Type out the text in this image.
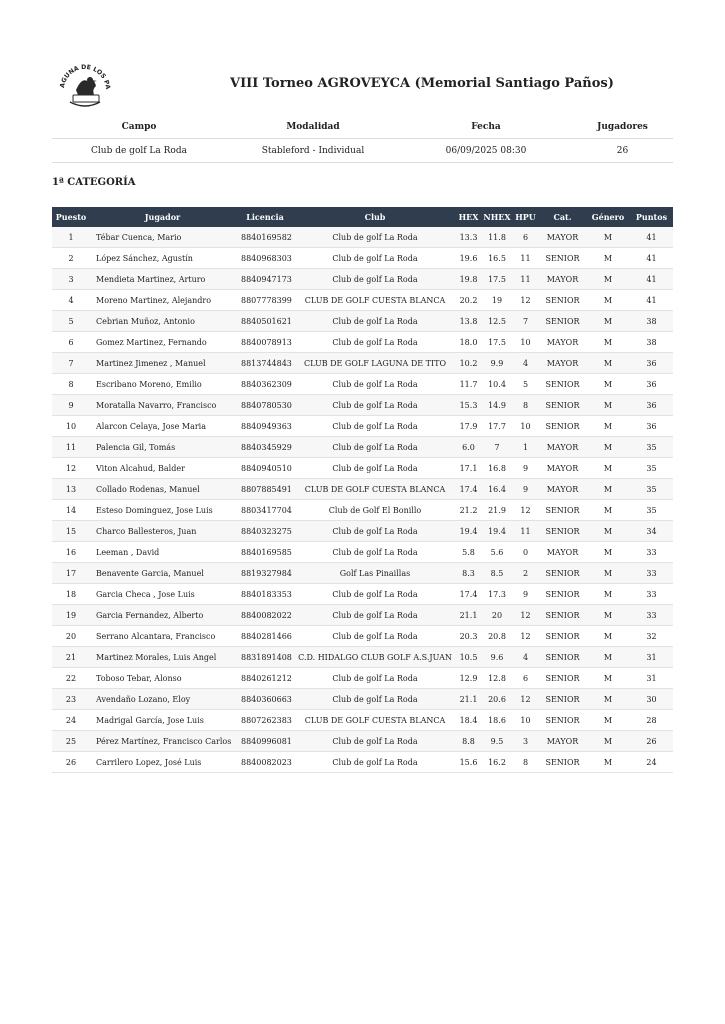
AGUNA DE LOS PA	VIII Torneo AGROVEYCA (Memorial Santiago Paños)
Campo	Modalidad	Fecha	Jugadores
Club de golf La Roda	Stableford - Individual	06/09/2025 08:30	26
1ª CATEGORÍA
Puesto	Jugador	Licencia	Club	HEX	NHEX	HPU	Cat.	Género	Puntos
1	Tébar Cuenca, Mario	8840169582	Club de golf La Roda	13.3	11.8	6	MAYOR	M	41
2	López Sánchez, Agustín	8840968303	Club de golf La Roda	19.6	16.5	11	SENIOR	M	41
3	Mendieta Martinez, Arturo	8840947173	Club de golf La Roda	19.8	17.5	11	MAYOR	M	41
4	Moreno Martinez, Alejandro	8807778399	CLUB DE GOLF CUESTA BLANCA	20.2	19	12	SENIOR	M	41
5	Cebrian Muñoz, Antonio	8840501621	Club de golf La Roda	13.8	12.5	7	SENIOR	M	38
6	Gomez Martinez, Fernando	8840078913	Club de golf La Roda	18.0	17.5	10	MAYOR	M	38
7	Martinez Jimenez , Manuel	8813744843	CLUB DE GOLF LAGUNA DE TITO	10.2	9.9	4	MAYOR	M	36
8	Escribano Moreno, Emilio	8840362309	Club de golf La Roda	11.7	10.4	5	SENIOR	M	36
9	Moratalla Navarro, Francisco	8840780530	Club de golf La Roda	15.3	14.9	8	SENIOR	M	36
10	Alarcon Celaya, Jose Maria	8840949363	Club de golf La Roda	17.9	17.7	10	SENIOR	M	36
11	Palencia Gil, Tomás	8840345929	Club de golf La Roda	6.0	7	1	MAYOR	M	35
12	Viton Alcahud, Balder	8840940510	Club de golf La Roda	17.1	16.8	9	MAYOR	M	35
13	Collado Rodenas, Manuel	8807885491	CLUB DE GOLF CUESTA BLANCA	17.4	16.4	9	MAYOR	M	35
14	Esteso Dominguez, Jose Luis	8803417704	Club de Golf El Bonillo	21.2	21.9	12	SENIOR	M	35
15	Charco Ballesteros, Juan	8840323275	Club de golf La Roda	19.4	19.4	11	SENIOR	M	34
16	Leeman , David	8840169585	Club de golf La Roda	5.8	5.6	0	MAYOR	M	33
17	Benavente Garcia, Manuel	8819327984	Golf Las Pinaillas	8.3	8.5	2	SENIOR	M	33
18	Garcia Checa , Jose Luis	8840183353	Club de golf La Roda	17.4	17.3	9	SENIOR	M	33
19	Garcia Fernandez, Alberto	8840082022	Club de golf La Roda	21.1	20	12	SENIOR	M	33
20	Serrano Alcantara, Francisco	8840281466	Club de golf La Roda	20.3	20.8	12	SENIOR	M	32
21	Martinez Morales, Luis Angel	8831891408	C.D. HIDALGO CLUB GOLF A.S.JUAN	10.5	9.6	4	SENIOR	M	31
22	Toboso Tebar, Alonso	8840261212	Club de golf La Roda	12.9	12.8	6	SENIOR	M	31
23	Avendaño Lozano, Eloy	8840360663	Club de golf La Roda	21.1	20.6	12	SENIOR	M	30
24	Madrigal García, Jose Luis	8807262383	CLUB DE GOLF CUESTA BLANCA	18.4	18.6	10	SENIOR	M	28
25	Pérez Martínez, Francisco Carlos	8840996081	Club de golf La Roda	8.8	9.5	3	MAYOR	M	26
26	Carrilero Lopez, José Luis	8840082023	Club de golf La Roda	15.6	16.2	8	SENIOR	M	24
